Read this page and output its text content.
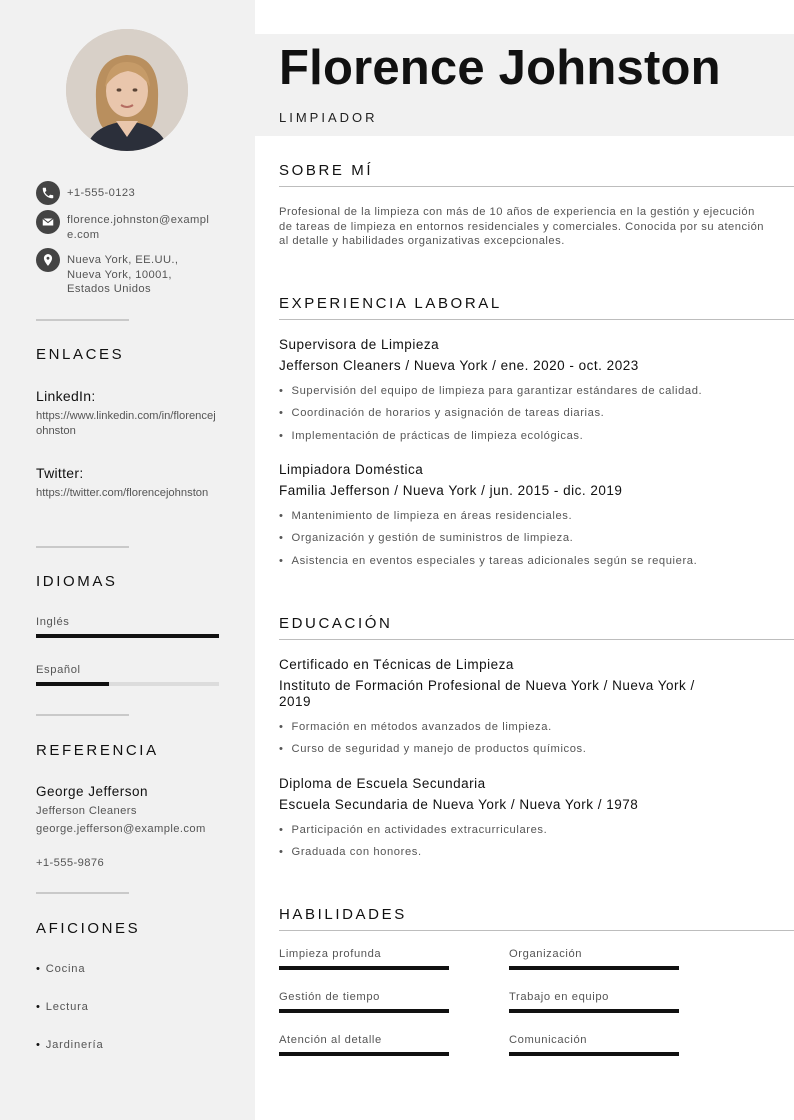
+1-555-0123
florence.johnston@example.com
Nueva York, EE.UU., Nueva York, 10001, Estados Unidos
ENLACES
LinkedIn:
https://www.linkedin.com/in/florencejohnston
Twitter:
https://twitter.com/florencejohnston
IDIOMAS
Inglés
Español
REFERENCIA
George Jefferson
Jefferson Cleaners
george.jefferson@example.com
+1-555-9876
AFICIONES
• Cocina
• Lectura
• Jardinería
Florence Johnston
LIMPIADOR
SOBRE MÍ
Profesional de la limpieza con más de 10 años de experiencia en la gestión y ejecución de tareas de limpieza en entornos residenciales y comerciales. Conocida por su atención al detalle y habilidades organizativas excepcionales.
EXPERIENCIA LABORAL
Supervisora de Limpieza
Jefferson Cleaners / Nueva York / ene. 2020 - oct. 2023
• Supervisión del equipo de limpieza para garantizar estándares de calidad.
• Coordinación de horarios y asignación de tareas diarias.
• Implementación de prácticas de limpieza ecológicas.
Limpiadora Doméstica
Familia Jefferson / Nueva York / jun. 2015 - dic. 2019
• Mantenimiento de limpieza en áreas residenciales.
• Organización y gestión de suministros de limpieza.
• Asistencia en eventos especiales y tareas adicionales según se requiera.
EDUCACIÓN
Certificado en Técnicas de Limpieza
Instituto de Formación Profesional de Nueva York / Nueva York / 2019
• Formación en métodos avanzados de limpieza.
• Curso de seguridad y manejo de productos químicos.
Diploma de Escuela Secundaria
Escuela Secundaria de Nueva York / Nueva York / 1978
• Participación en actividades extracurriculares.
• Graduada con honores.
HABILIDADES
Limpieza profunda	Organización
Gestión de tiempo	Trabajo en equipo
Atención al detalle	Comunicación
